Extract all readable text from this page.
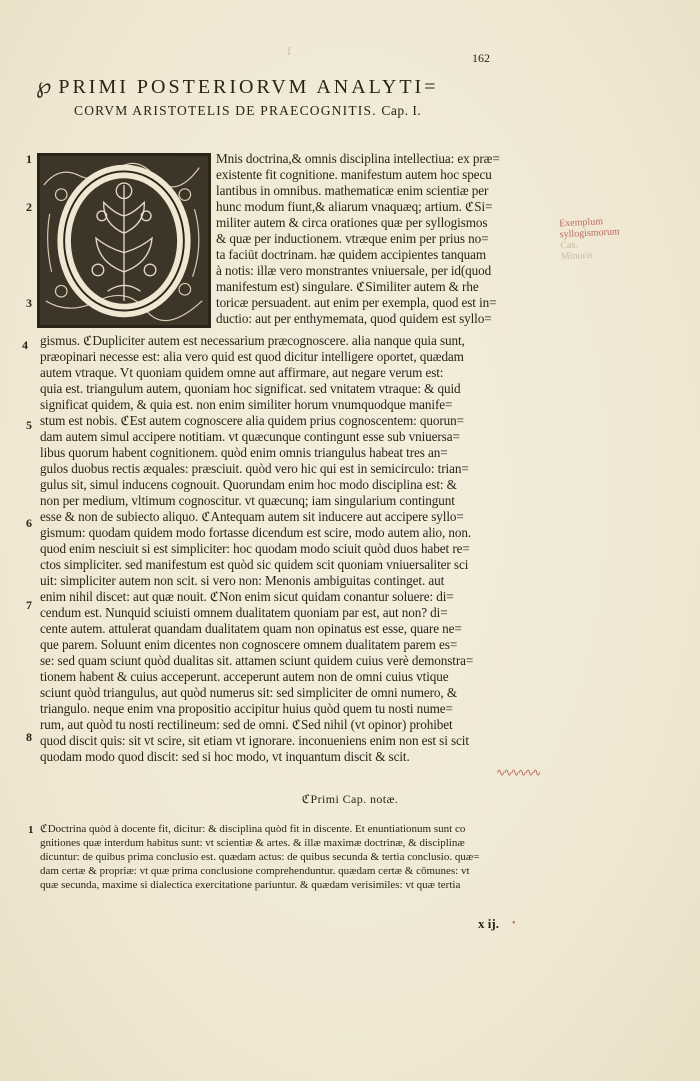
I	162
℘ PRIMI POSTERIORVM ANALYTI=
CORVM ARISTOTELIS DE PRAECOGNITIS. Cap. I.
1
2
3
4
5
6
7
8
Mnis doctrina,& omnis disciplina intellectiua: ex præ=
existente fit cognitione. manifestum autem hoc specu
lantibus in omnibus. mathematicæ enim scientiæ per
hunc modum fiunt,& aliarum vnaquæq; artium. ℭSi=
militer autem & circa orationes quæ per syllogismos
& quæ per inductionem. vtræque enim per prius no=
ta faciūt doctrinam. hæ quidem accipientes tanquam
à notis: illæ vero monstrantes vniuersale, per id(quod
manifestum est) singulare. ℭSimiliter autem & rhe
toricæ persuadent. aut enim per exempla, quod est in=
ductio: aut per enthymemata, quod quidem est syllo=
gismus. ℭDupliciter autem est necessarium præcognoscere. alia nanque quia sunt,
præopinari necesse est: alia vero quid est quod dicitur intelligere oportet, quædam
autem vtraque. Vt quoniam quidem omne aut affirmare, aut negare verum est:
quia est. triangulum autem, quoniam hoc significat. sed vnitatem vtraque: & quid
significat quidem, & quia est. non enim similiter horum vnumquodque manife=
stum est nobis. ℭEst autem cognoscere alia quidem prius cognoscentem: quorun=
dam autem simul accipere notitiam. vt quæcunque contingunt esse sub vniuersa=
libus quorum habent cognitionem. quòd enim omnis triangulus habeat tres an=
gulos duobus rectis æquales: præsciuit. quòd vero hic qui est in semicirculo: trian=
gulus sit, simul inducens cognouit. Quorundam enim hoc modo disciplina est: &
non per medium, vltimum cognoscitur. vt quæcunq; iam singularium contingunt
esse & non de subiecto aliquo. ℭAntequam autem sit inducere aut accipere syllo=
gismum: quodam quidem modo fortasse dicendum est scire, modo autem alio, non.
quod enim nesciuit si est simpliciter: hoc quodam modo sciuit quòd duos habet re=
ctos simpliciter. sed manifestum est quòd sic quidem scit quoniam vniuersaliter sci
uit: simpliciter autem non scit. si vero non: Menonis ambiguitas continget. aut
enim nihil discet: aut quæ nouit. ℭNon enim sicut quidam conantur soluere: di=
cendum est. Nunquid sciuisti omnem dualitatem quoniam par est, aut non? di=
cente autem. attulerat quandam dualitatem quam non opinatus est esse, quare ne=
que parem. Soluunt enim dicentes non cognoscere omnem dualitatem parem es=
se: sed quam sciunt quòd dualitas sit. attamen sciunt quidem cuius verè demonstra=
tionem habent & cuius acceperunt. acceperunt autem non de omni cuius vtique
sciunt quòd triangulus, aut quòd numerus sit: sed simpliciter de omni numero, &
triangulo. neque enim vna propositio accipitur huius quòd quem tu nosti nume=
rum, aut quòd tu nosti rectilineum: sed de omni. ℭSed nihil (vt opinor) prohibet
quod discit quis: sit vt scire, sit etiam vt ignorare. inconueniens enim non est si scit
quodam modo quod discit: sed si hoc modo, vt inquantum discit & scit.
∿∿∿∿∿∿
Exemplum
syllogismorum
Cas.
Minoris
ℭPrimi Cap. notæ.
1 ℭDoctrina quòd à docente fit, dicitur: & disciplina quòd fit in discente. Et enuntiationum sunt co
gnitiones quæ interdum habitus sunt: vt scientiæ & artes. & illæ maximæ doctrinæ, & disciplinæ
dicuntur: de quibus prima conclusio est. quædam actus: de quibus secunda & tertia conclusio. quæ=
dam certæ & propriæ: vt quæ prima conclusione comprehenduntur. quædam certæ & cōmunes: vt
quæ secunda, maxime si dialectica exercitatione pariuntur. & quædam verisimiles: vt quæ tertia
x ij. •
